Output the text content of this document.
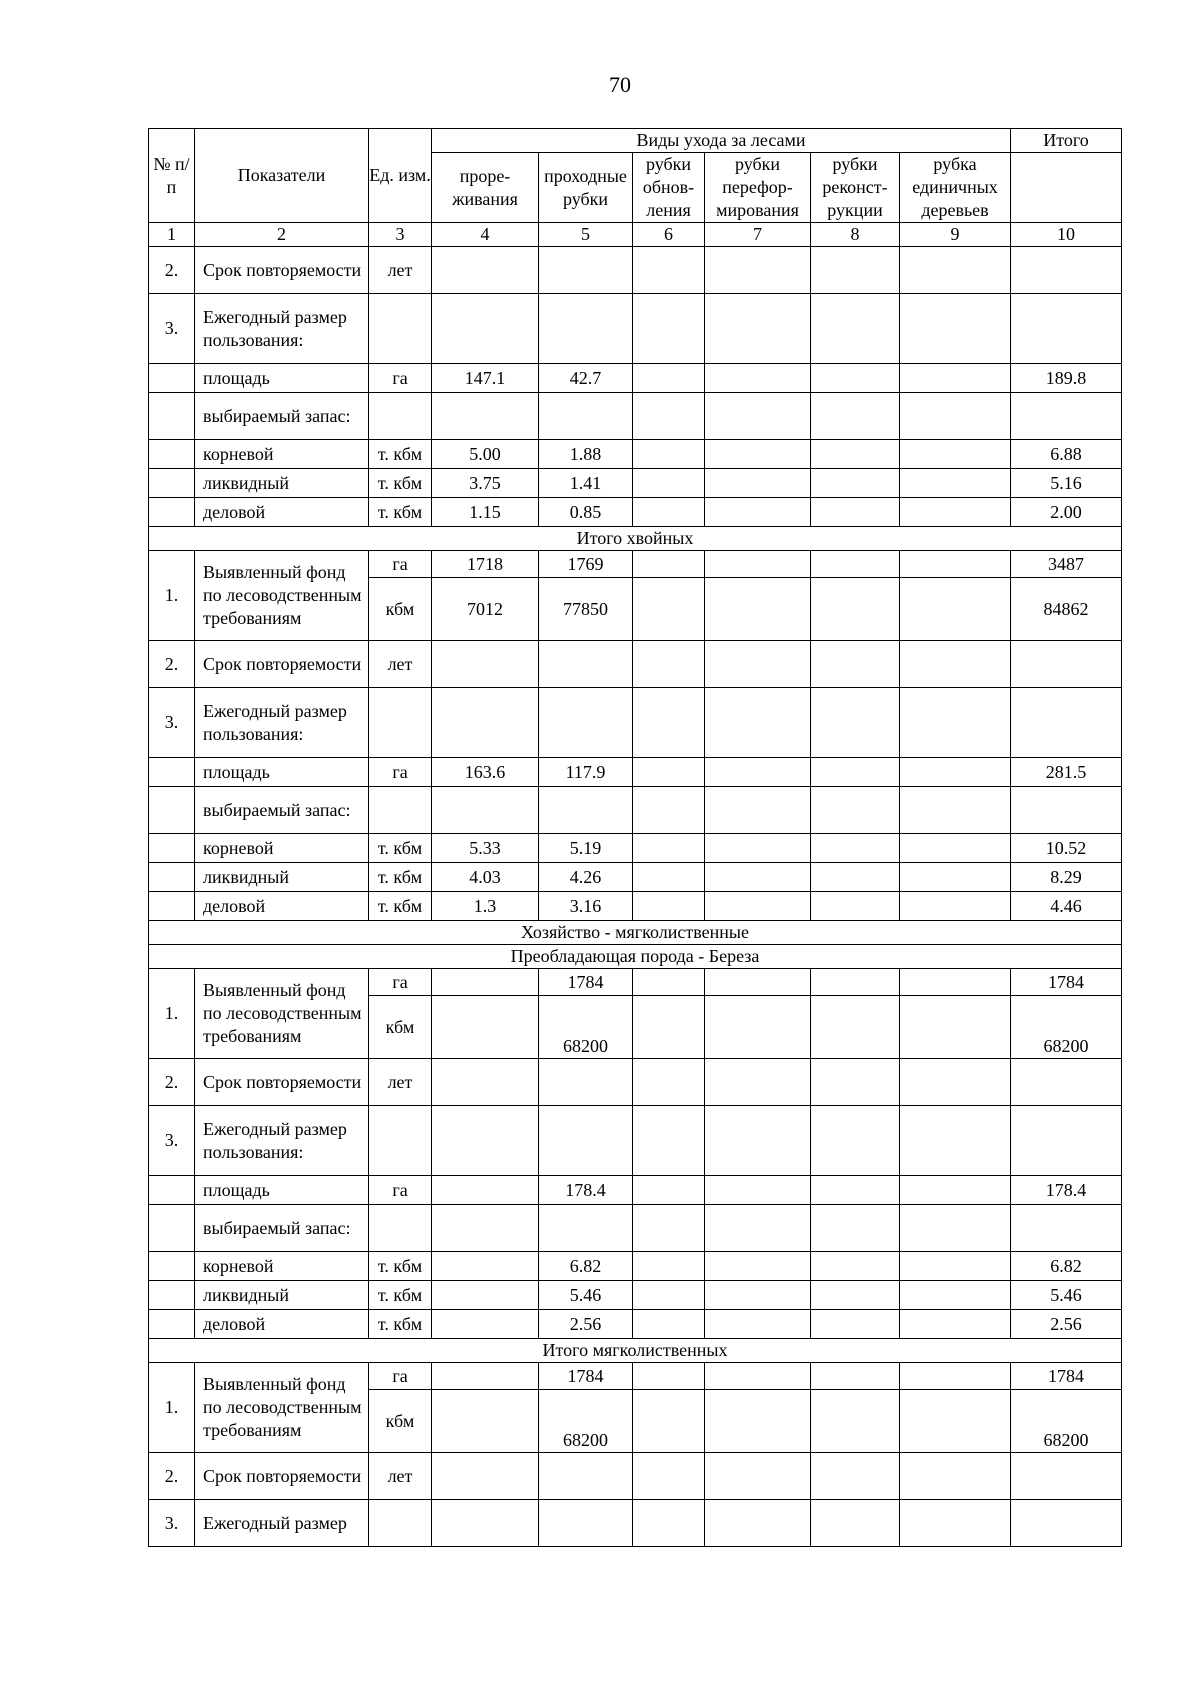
70
№ п/п	Показатели	Ед. изм.	Виды ухода за лесами						Итого
			проре-живания	проходные рубки	рубки обнов-ления	рубки перефор-мирования	рубки реконст-рукции	рубка единичных деревьев	
1	2	3	4	5	6	7	8	9	10
2.	Срок повторяемости	лет							
3.	Ежегодный размер пользования:								
	площадь	га	147.1	42.7					189.8
	выбираемый запас:								
	корневой	т. кбм	5.00	1.88					6.88
	ликвидный	т. кбм	3.75	1.41					5.16
	деловой	т. кбм	1.15	0.85					2.00
Итого хвойных									
1.	Выявленный фонд по лесоводственным требованиям	га	1718	1769					3487
		кбм	7012	77850					84862
2.	Срок повторяемости	лет							
3.	Ежегодный размер пользования:								
	площадь	га	163.6	117.9					281.5
	выбираемый запас:								
	корневой	т. кбм	5.33	5.19					10.52
	ликвидный	т. кбм	4.03	4.26					8.29
	деловой	т. кбм	1.3	3.16					4.46
Хозяйство - мягколиственные									
Преобладающая порода - Береза									
1.	Выявленный фонд по лесоводственным требованиям	га		1784					1784
		кбм		68200					68200
2.	Срок повторяемости	лет							
3.	Ежегодный размер пользования:								
	площадь	га		178.4					178.4
	выбираемый запас:								
	корневой	т. кбм		6.82					6.82
	ликвидный	т. кбм		5.46					5.46
	деловой	т. кбм		2.56					2.56
Итого мягколиственных									
1.	Выявленный фонд по лесоводственным требованиям	га		1784					1784
		кбм		68200					68200
2.	Срок повторяемости	лет							
3.	Ежегодный размер								
